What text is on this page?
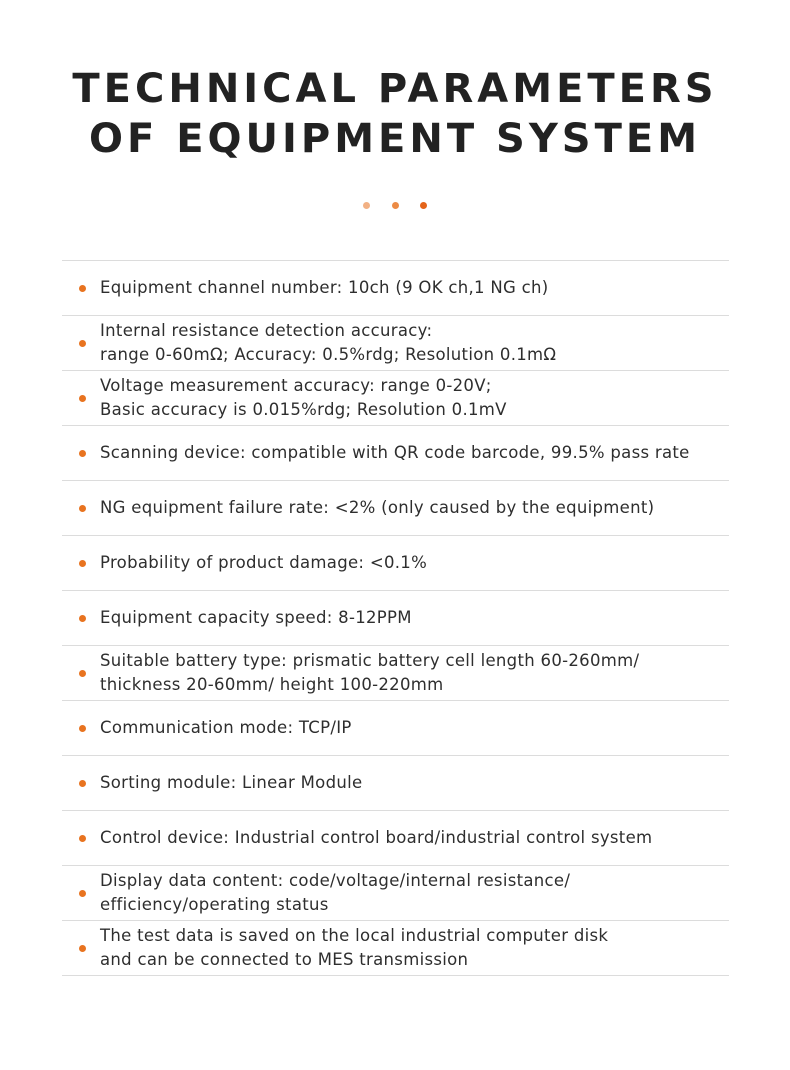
TECHNICAL PARAMETERS
OF EQUIPMENT SYSTEM

Equipment channel number: 10ch (9 OK ch,1 NG ch)
Internal resistance detection accuracy:
range 0-60mΩ; Accuracy: 0.5%rdg; Resolution 0.1mΩ
Voltage measurement accuracy: range 0-20V;
Basic accuracy is 0.015%rdg; Resolution 0.1mV
Scanning device: compatible with QR code barcode, 99.5% pass rate
NG equipment failure rate: <2% (only caused by the equipment)
Probability of product damage: <0.1%
Equipment capacity speed: 8-12PPM
Suitable battery type: prismatic battery cell length 60-260mm/
thickness 20-60mm/ height 100-220mm
Communication mode: TCP/IP
Sorting module: Linear Module
Control device: Industrial control board/industrial control system
Display data content: code/voltage/internal resistance/
efficiency/operating status
The test data is saved on the local industrial computer disk
and can be connected to MES transmission
